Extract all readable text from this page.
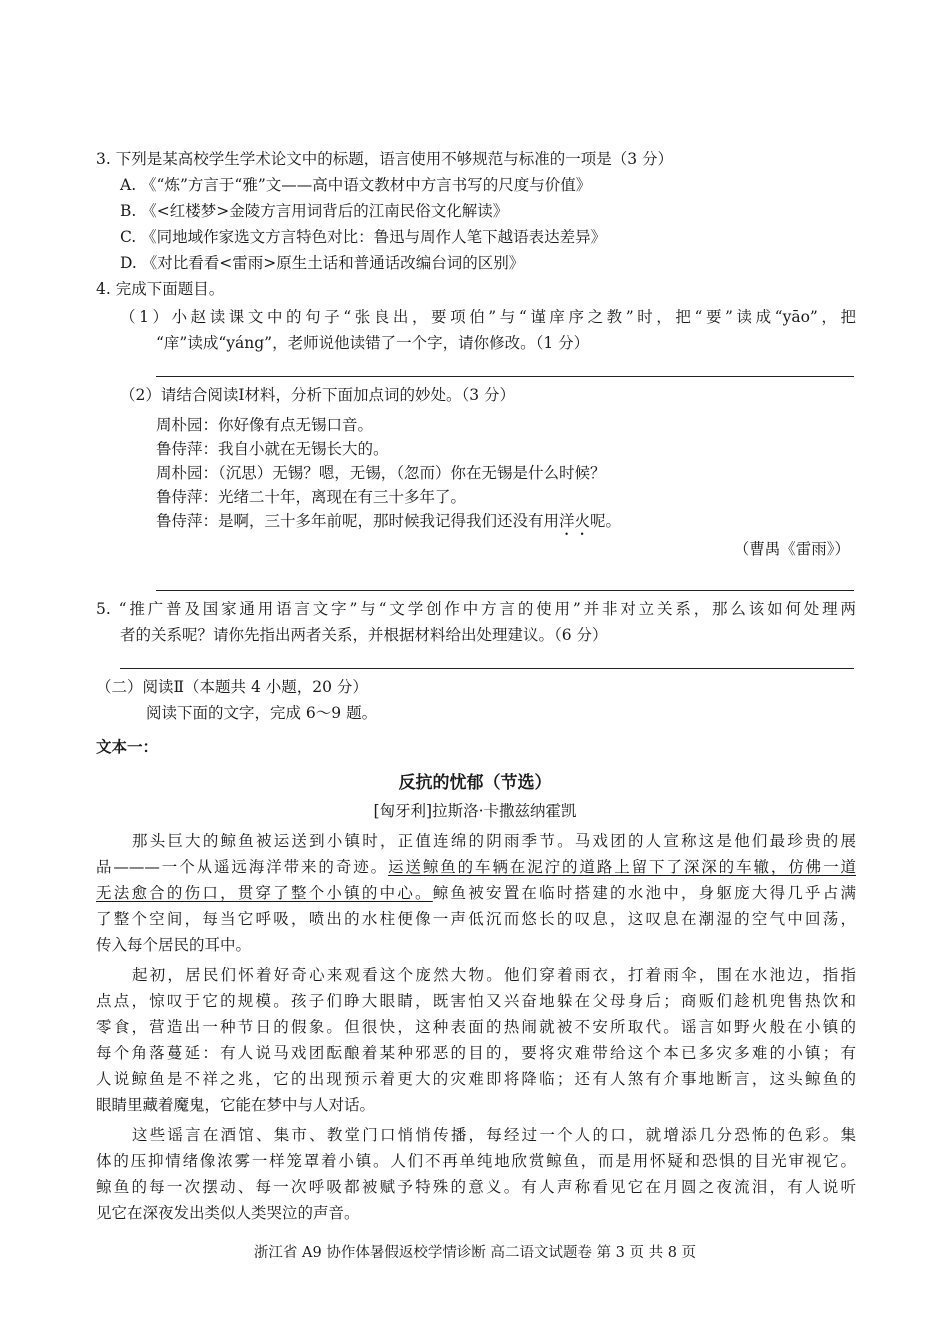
3. 下列是某高校学生学术论文中的标题，语言使用不够规范与标准的一项是（3 分）
A. 《“炼”方言于“雅”文——高中语文教材中方言书写的尺度与价值》
B. 《<红楼梦>金陵方言用词背后的江南民俗文化解读》
C. 《同地域作家选文方言特色对比：鲁迅与周作人笔下越语表达差异》
D. 《对比看看<雷雨>原生土话和普通话改编台词的区别》
4. 完成下面题目。
（1）小赵读课文中的句子“张良出，要项伯”与“谨庠序之教”时，把“要”读成“yāo”，把
“庠”读成“yáng”，老师说他读错了一个字，请你修改。（1 分）
（2）请结合阅读Ⅰ材料，分析下面加点词的妙处。（3 分）
周朴园：你好像有点无锡口音。
鲁侍萍：我自小就在无锡长大的。
周朴园：（沉思）无锡？嗯，无锡，（忽而）你在无锡是什么时候？
鲁侍萍：光绪二十年，离现在有三十多年了。
鲁侍萍：是啊，三十多年前呢，那时候我记得我们还没有用洋火呢。
（曹禺《雷雨》）
5. “推广普及国家通用语言文字”与“文学创作中方言的使用”并非对立关系，那么该如何处理两
者的关系呢？请你先指出两者关系，并根据材料给出处理建议。（6 分）
（二）阅读Ⅱ（本题共 4 小题，20 分）
阅读下面的文字，完成 6～9 题。
文本一：
反抗的忧郁（节选）
[匈牙利]拉斯洛·卡撒兹纳霍凯
那头巨大的鲸鱼被运送到小镇时，正值连绵的阴雨季节。马戏团的人宣称这是他们最珍贵的展
品———一个从遥远海洋带来的奇迹。运送鲸鱼的车辆在泥泞的道路上留下了深深的车辙，仿佛一道
无法愈合的伤口，贯穿了整个小镇的中心。鲸鱼被安置在临时搭建的水池中，身躯庞大得几乎占满
了整个空间，每当它呼吸，喷出的水柱便像一声低沉而悠长的叹息，这叹息在潮湿的空气中回荡，
传入每个居民的耳中。
起初，居民们怀着好奇心来观看这个庞然大物。他们穿着雨衣，打着雨伞，围在水池边，指指
点点，惊叹于它的规模。孩子们睁大眼睛，既害怕又兴奋地躲在父母身后；商贩们趁机兜售热饮和
零食，营造出一种节日的假象。但很快，这种表面的热闹就被不安所取代。谣言如野火般在小镇的
每个角落蔓延：有人说马戏团酝酿着某种邪恶的目的，要将灾难带给这个本已多灾多难的小镇；有
人说鲸鱼是不祥之兆，它的出现预示着更大的灾难即将降临；还有人煞有介事地断言，这头鲸鱼的
眼睛里藏着魔鬼，它能在梦中与人对话。
这些谣言在酒馆、集市、教堂门口悄悄传播，每经过一个人的口，就增添几分恐怖的色彩。集
体的压抑情绪像浓雾一样笼罩着小镇。人们不再单纯地欣赏鲸鱼，而是用怀疑和恐惧的目光审视它。
鲸鱼的每一次摆动、每一次呼吸都被赋予特殊的意义。有人声称看见它在月圆之夜流泪，有人说听
见它在深夜发出类似人类哭泣的声音。
浙江省 A9 协作体暑假返校学情诊断 高二语文试题卷 第 3 页 共 8 页
